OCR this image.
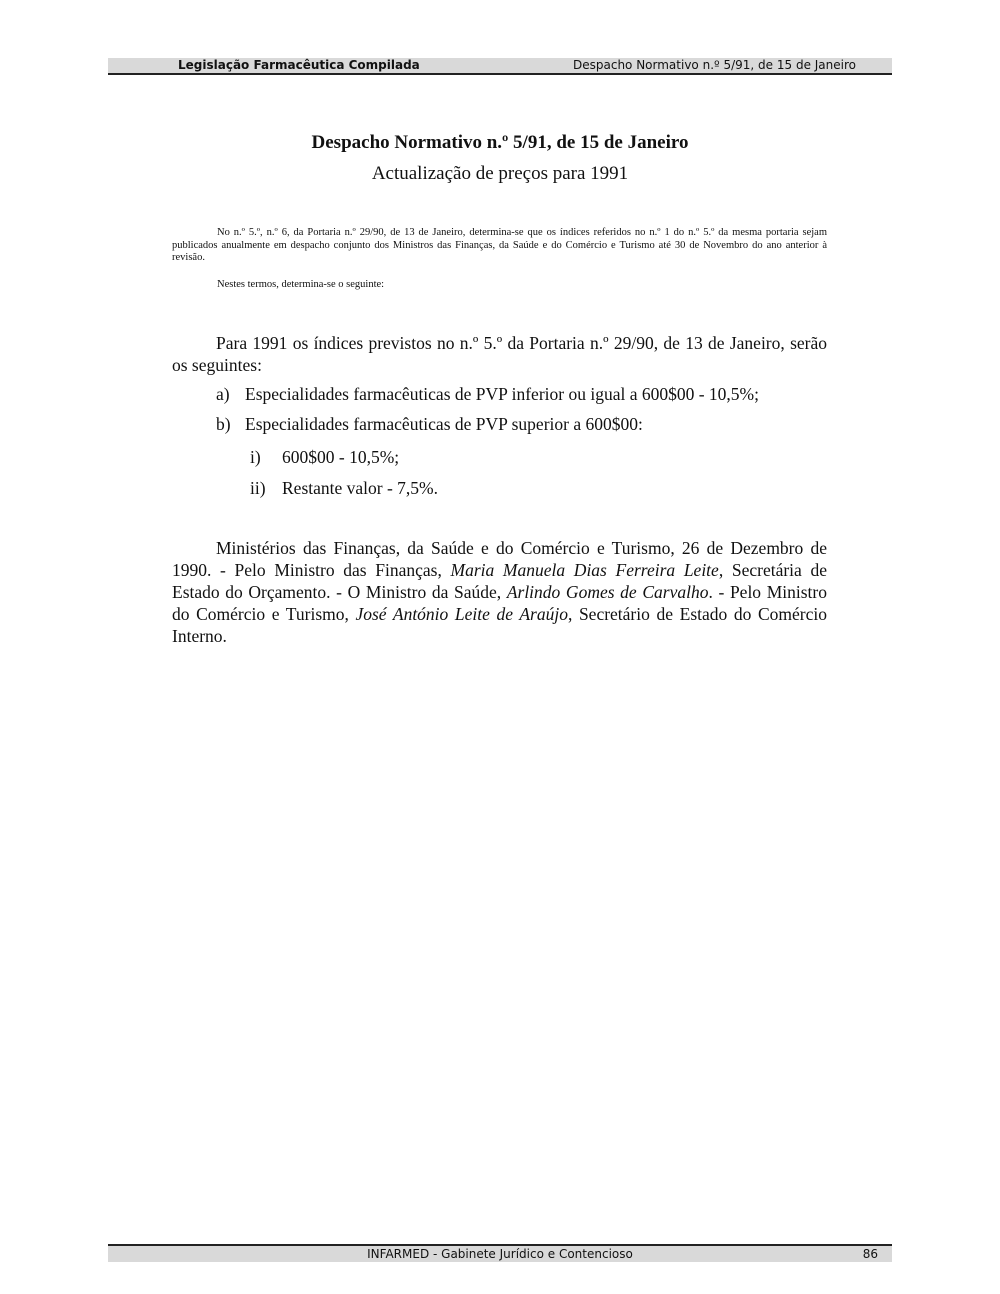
Legislação Farmacêutica Compilada	Despacho Normativo n.º 5/91, de 15 de Janeiro
Despacho Normativo n.º 5/91, de 15 de Janeiro
Actualização de preços para 1991

No n.º 5.º, n.º 6, da Portaria n.º 29/90, de 13 de Janeiro, determina-se que os índices referidos no n.º 1 do n.º 5.º da mesma portaria sejam publicados anualmente em despacho conjunto dos Ministros das Finanças, da Saúde e do Comércio e Turismo até 30 de Novembro do ano anterior à revisão.

Nestes termos, determina-se o seguinte:

Para 1991 os índices previstos no n.º 5.º da Portaria n.º 29/90, de 13 de Janeiro, serão os seguintes:

a) Especialidades farmacêuticas de PVP inferior ou igual a 600$00 - 10,5%;
b) Especialidades farmacêuticas de PVP superior a 600$00:
i) 600$00 - 10,5%;
ii) Restante valor - 7,5%.

Ministérios das Finanças, da Saúde e do Comércio e Turismo, 26 de Dezembro de 1990. - Pelo Ministro das Finanças, Maria Manuela Dias Ferreira Leite, Secretária de Estado do Orçamento. - O Ministro da Saúde, Arlindo Gomes de Carvalho. - Pelo Ministro do Comércio e Turismo, José António Leite de Araújo, Secretário de Estado do Comércio Interno.

INFARMED - Gabinete Jurídico e Contencioso	86
